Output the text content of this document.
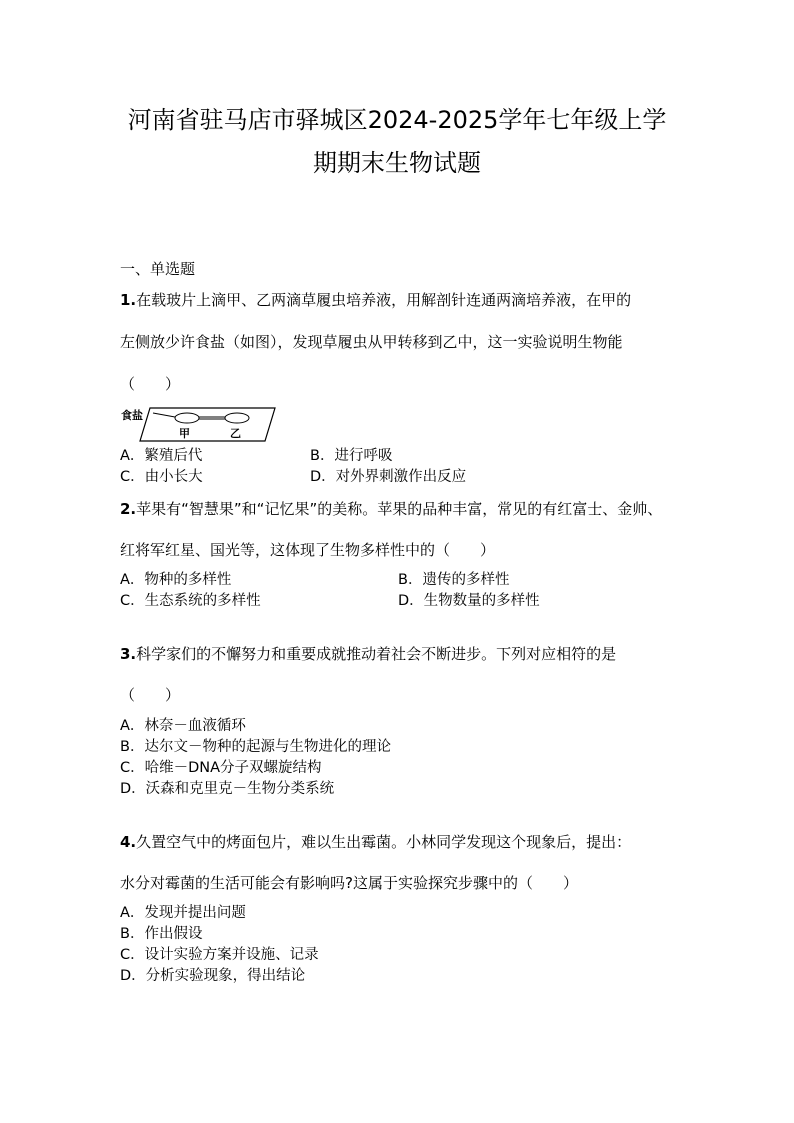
河南省驻马店市驿城区2024-2025学年七年级上学
期期末生物试题
一、单选题
1.在载玻片上滴甲、乙两滴草履虫培养液，用解剖针连通两滴培养液，在甲的
左侧放少许食盐（如图），发现草履虫从甲转移到乙中，这一实验说明生物能
（　　）
食盐
甲	乙
A．繁殖后代	B．进行呼吸
C．由小长大	D．对外界刺激作出反应
2.苹果有“智慧果”和“记忆果”的美称。苹果的品种丰富，常见的有红富士、金帅、
红将军红星、国光等，这体现了生物多样性中的（　　）
A．物种的多样性	B．遗传的多样性
C．生态系统的多样性	D．生物数量的多样性
3.科学家们的不懈努力和重要成就推动着社会不断进步。下列对应相符的是
（　　）
A．林奈－血液循环
B．达尔文－物种的起源与生物进化的理论
C．哈维－DNA分子双螺旋结构
D．沃森和克里克－生物分类系统
4.久置空气中的烤面包片，难以生出霉菌。小林同学发现这个现象后，提出：
水分对霉菌的生活可能会有影响吗?这属于实验探究步骤中的（　　）
A．发现并提出问题
B．作出假设
C．设计实验方案并设施、记录
D．分析实验现象，得出结论
